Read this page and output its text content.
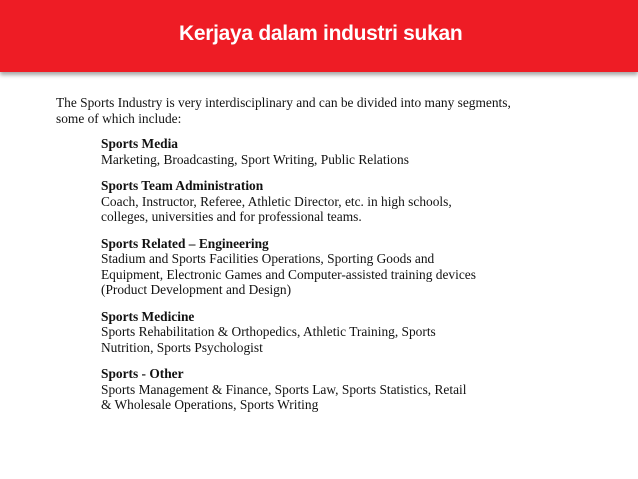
Kerjaya dalam industri sukan

The Sports Industry is very interdisciplinary and can be divided into many segments,
some of which include:

Sports Media
Marketing, Broadcasting, Sport Writing, Public Relations
Sports Team Administration
Coach, Instructor, Referee, Athletic Director, etc. in high schools,
colleges, universities and for professional teams.
Sports Related – Engineering
Stadium and Sports Facilities Operations, Sporting Goods and
Equipment, Electronic Games and Computer-assisted training devices
(Product Development and Design)
Sports Medicine
Sports Rehabilitation & Orthopedics, Athletic Training, Sports
Nutrition, Sports Psychologist
Sports - Other
Sports Management & Finance, Sports Law, Sports Statistics, Retail
& Wholesale Operations, Sports Writing
